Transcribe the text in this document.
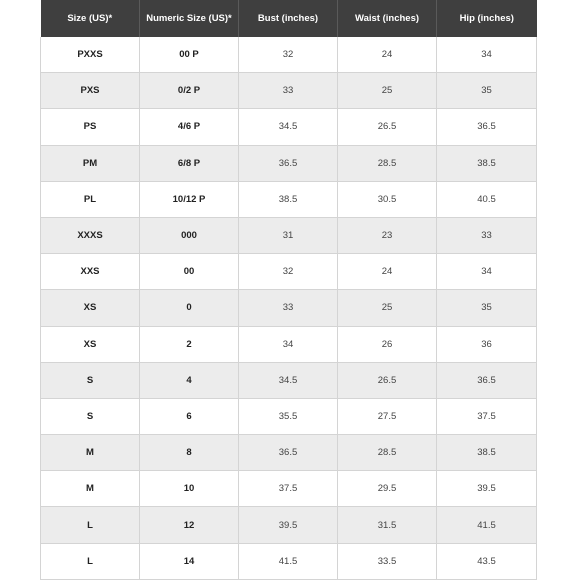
Size (US)*	Numeric Size (US)*	Bust (inches)	Waist (inches)	Hip (inches)
PXXS	00 P	32	24	34
PXS	0/2 P	33	25	35
PS	4/6 P	34.5	26.5	36.5
PM	6/8 P	36.5	28.5	38.5
PL	10/12 P	38.5	30.5	40.5
XXXS	000	31	23	33
XXS	00	32	24	34
XS	0	33	25	35
XS	2	34	26	36
S	4	34.5	26.5	36.5
S	6	35.5	27.5	37.5
M	8	36.5	28.5	38.5
M	10	37.5	29.5	39.5
L	12	39.5	31.5	41.5
L	14	41.5	33.5	43.5
